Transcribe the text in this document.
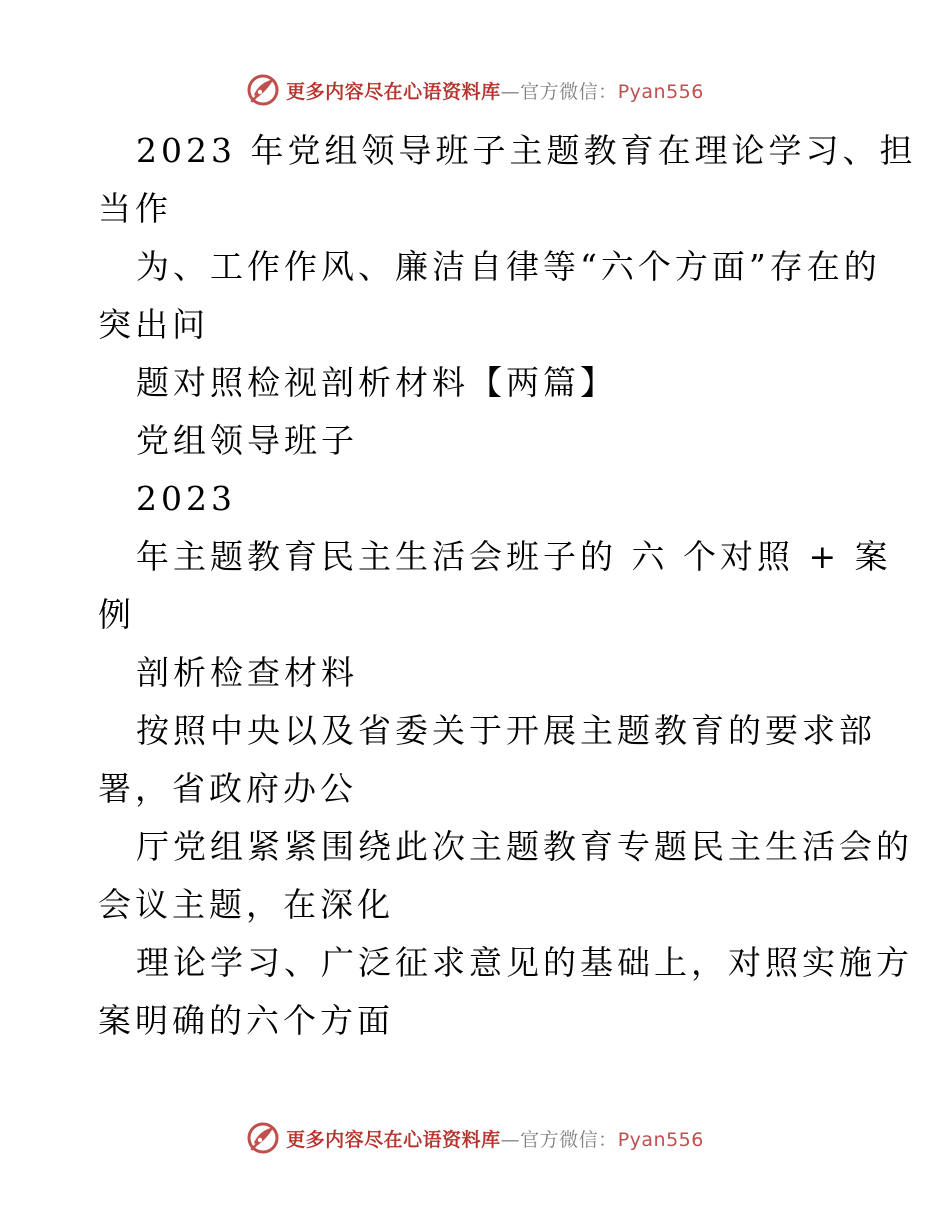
更多内容尽在心语资料库—官方微信：Pyan556
2023 年党组领导班子主题教育在理论学习、担
当作
为、工作作风、廉洁自律等“六个方面”存在的
突出问
题对照检视剖析材料【两篇】
党组领导班子
2023
年主题教育民主生活会班子的 六 个对照 + 案
例
剖析检查材料
按照中央以及省委关于开展主题教育的要求部
署，省政府办公
厅党组紧紧围绕此次主题教育专题民主生活会的
会议主题，在深化
理论学习、广泛征求意见的基础上，对照实施方
案明确的六个方面
更多内容尽在心语资料库—官方微信：Pyan556
